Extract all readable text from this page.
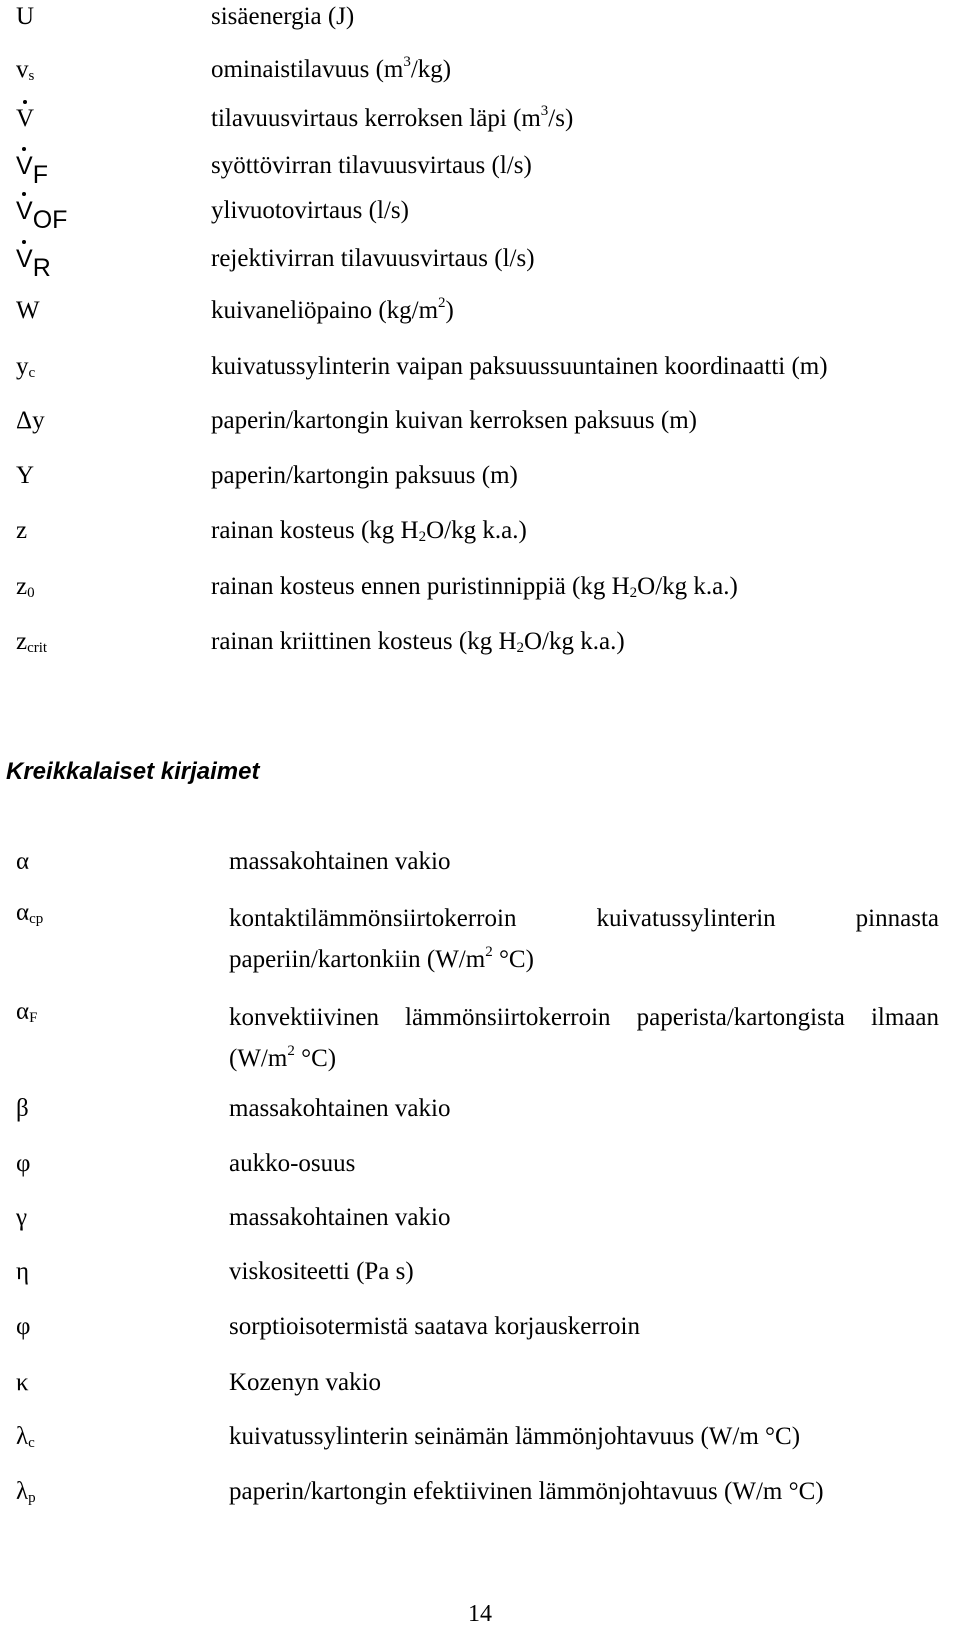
U	sisäenergia (J)
$v_s$	ominaistilavuus $(m^3/kg)$
V	tilavuusvirtaus kerroksen läpi $(m^3/s)$
$V_F$	syöttövirran tilavuusvirtaus (l/s)
$V_{OF}$	ylivuotovirtaus (l/s)
$V_R$	rejektivirran tilavuusvirtaus (l/s)
W	kuivaneliöpaino $(kg/m^2)$
$y_c$	kuivatussylinterin vaipan paksuussuuntainen koordinaatti (m)
Δy	paperin/kartongin kuivan kerroksen paksuus (m)
Y	paperin/kartongin paksuus (m)
z	rainan kosteus (kg $H_2O/kg$ k.a.)
$z_0$	rainan kosteus ennen puristinnippiä (kg $H_2O/kg$ k.a.)
$z_{crit}$	rainan kriittinen kosteus (kg $H_2O/kg$ k.a.)
Kreikkalaiset kirjaimet
α	massakohtainen vakio
$\alpha_{cp}$	kontaktilämmönsiirtokerroin kuivatussylinterin pinnasta paperiin/kartonkiin ($W/m^2$ °C)
$\alpha_F$	konvektiivinen lämmönsiirtokerroin paperista/kartongista ilmaan ($W/m^2$ °C)
β	massakohtainen vakio
φ	aukko-osuus
γ	massakohtainen vakio
η	viskositeetti (Pa s)
φ	sorptioisotermistä saatava korjauskerroin
κ	Kozenyn vakio
$\lambda_c$	kuivatussylinterin seinämän lämmönjohtavuus (W/m °C)
$\lambda_p$	paperin/kartongin efektiivinen lämmönjohtavuus (W/m °C)
14
